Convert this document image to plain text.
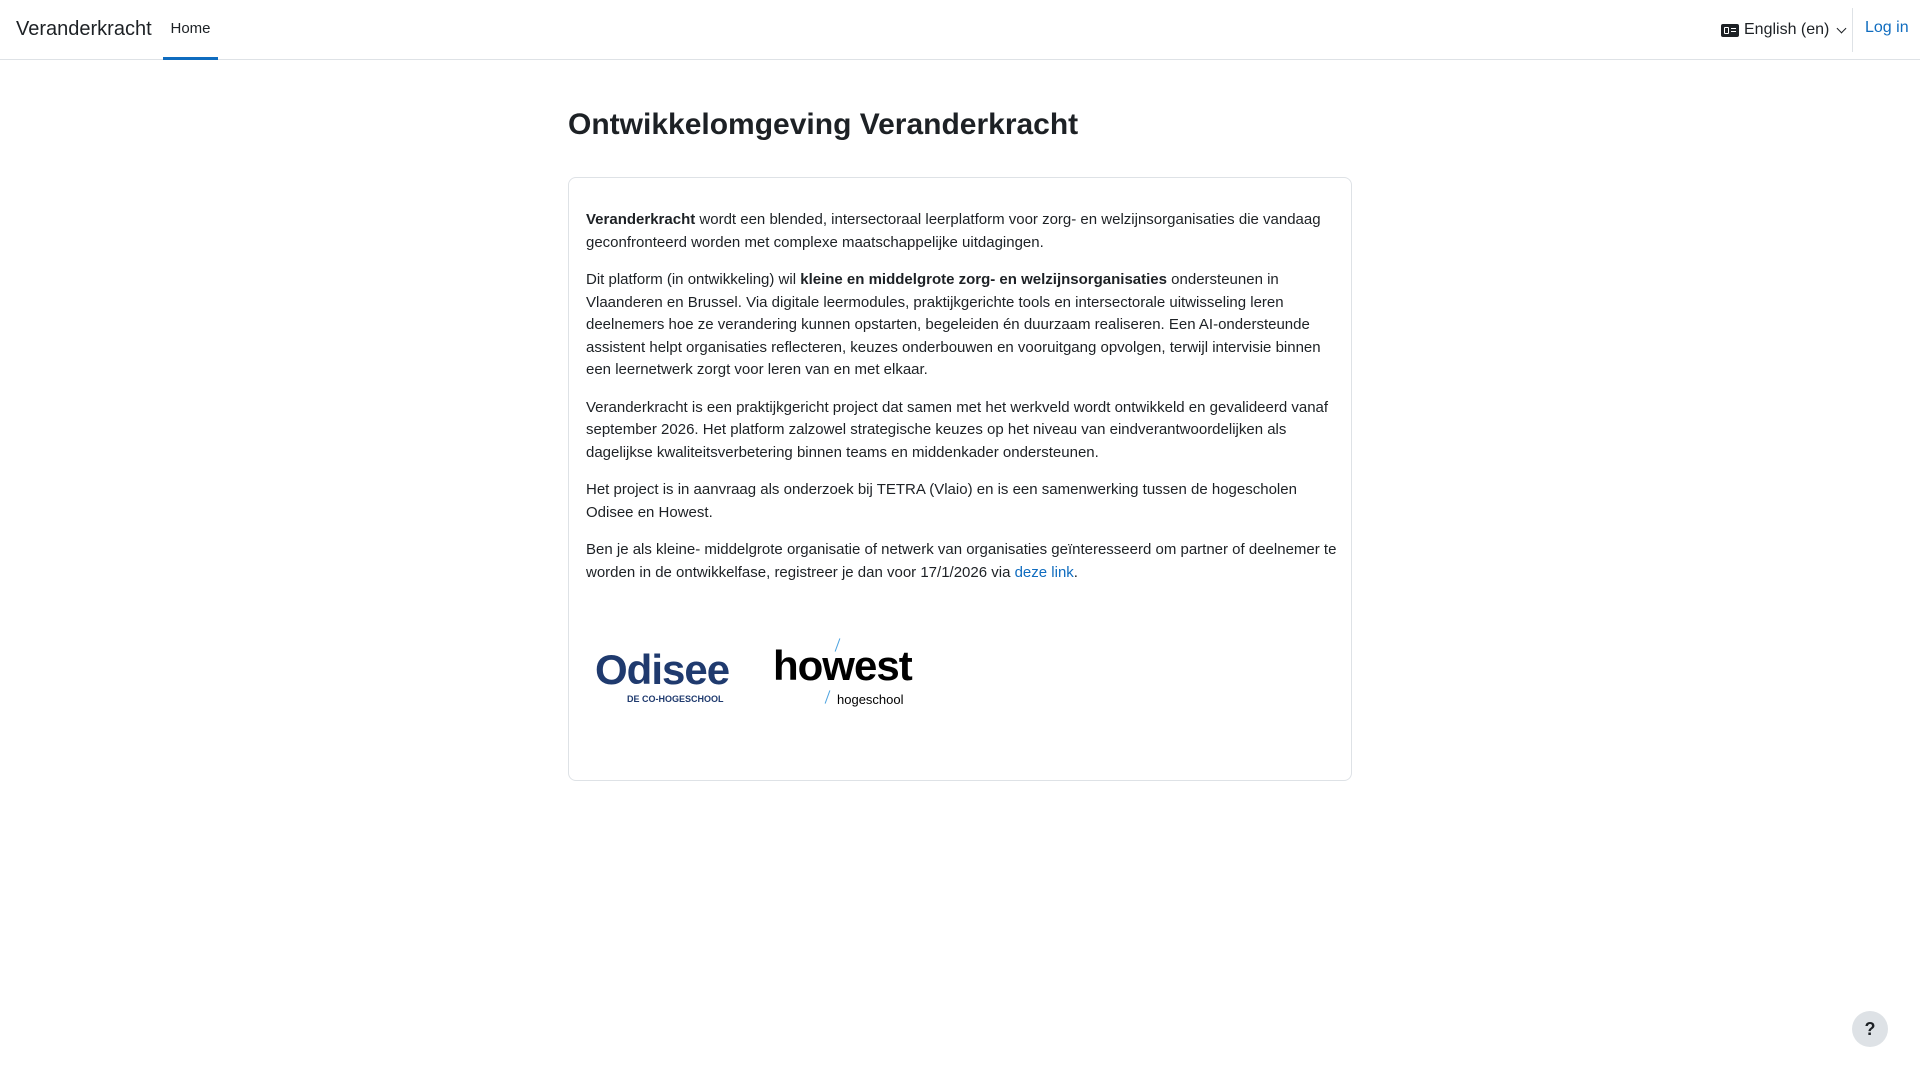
Veranderkracht	Home	English (en) Log in
Ontwikkelomgeving Veranderkracht

Veranderkracht wordt een blended, intersectoraal leerplatform voor zorg- en welzijnsorganisaties die vandaag geconfronteerd worden met complexe maatschappelijke uitdagingen.

Dit platform (in ontwikkeling) wil kleine en middelgrote zorg- en welzijnsorganisaties ondersteunen in Vlaanderen en Brussel. Via digitale leermodules, praktijkgerichte tools en intersectorale uitwisseling leren deelnemers hoe ze verandering kunnen opstarten, begeleiden én duurzaam realiseren. Een AI-ondersteunde assistent helpt organisaties reflecteren, keuzes onderbouwen en vooruitgang opvolgen, terwijl intervisie binnen een leernetwerk zorgt voor leren van en met elkaar.

Veranderkracht is een praktijkgericht project dat samen met het werkveld wordt ontwikkeld en gevalideerd vanaf september 2026. Het platform zalzowel strategische keuzes op het niveau van eindverantwoordelijken als dagelijkse kwaliteitsverbetering binnen teams en middenkader ondersteunen.

Het project is in aanvraag als onderzoek bij TETRA (Vlaio) en is een samenwerking tussen de hogescholen Odisee en Howest.

Ben je als kleine- middelgrote organisatie of netwerk van organisaties geïnteresseerd om partner of deelnemer te worden in de ontwikkelfase, registreer je dan voor 17/1/2026 via deze link.

Odisee
DE CO-HOGESCHOOL
howest
hogeschool
?
